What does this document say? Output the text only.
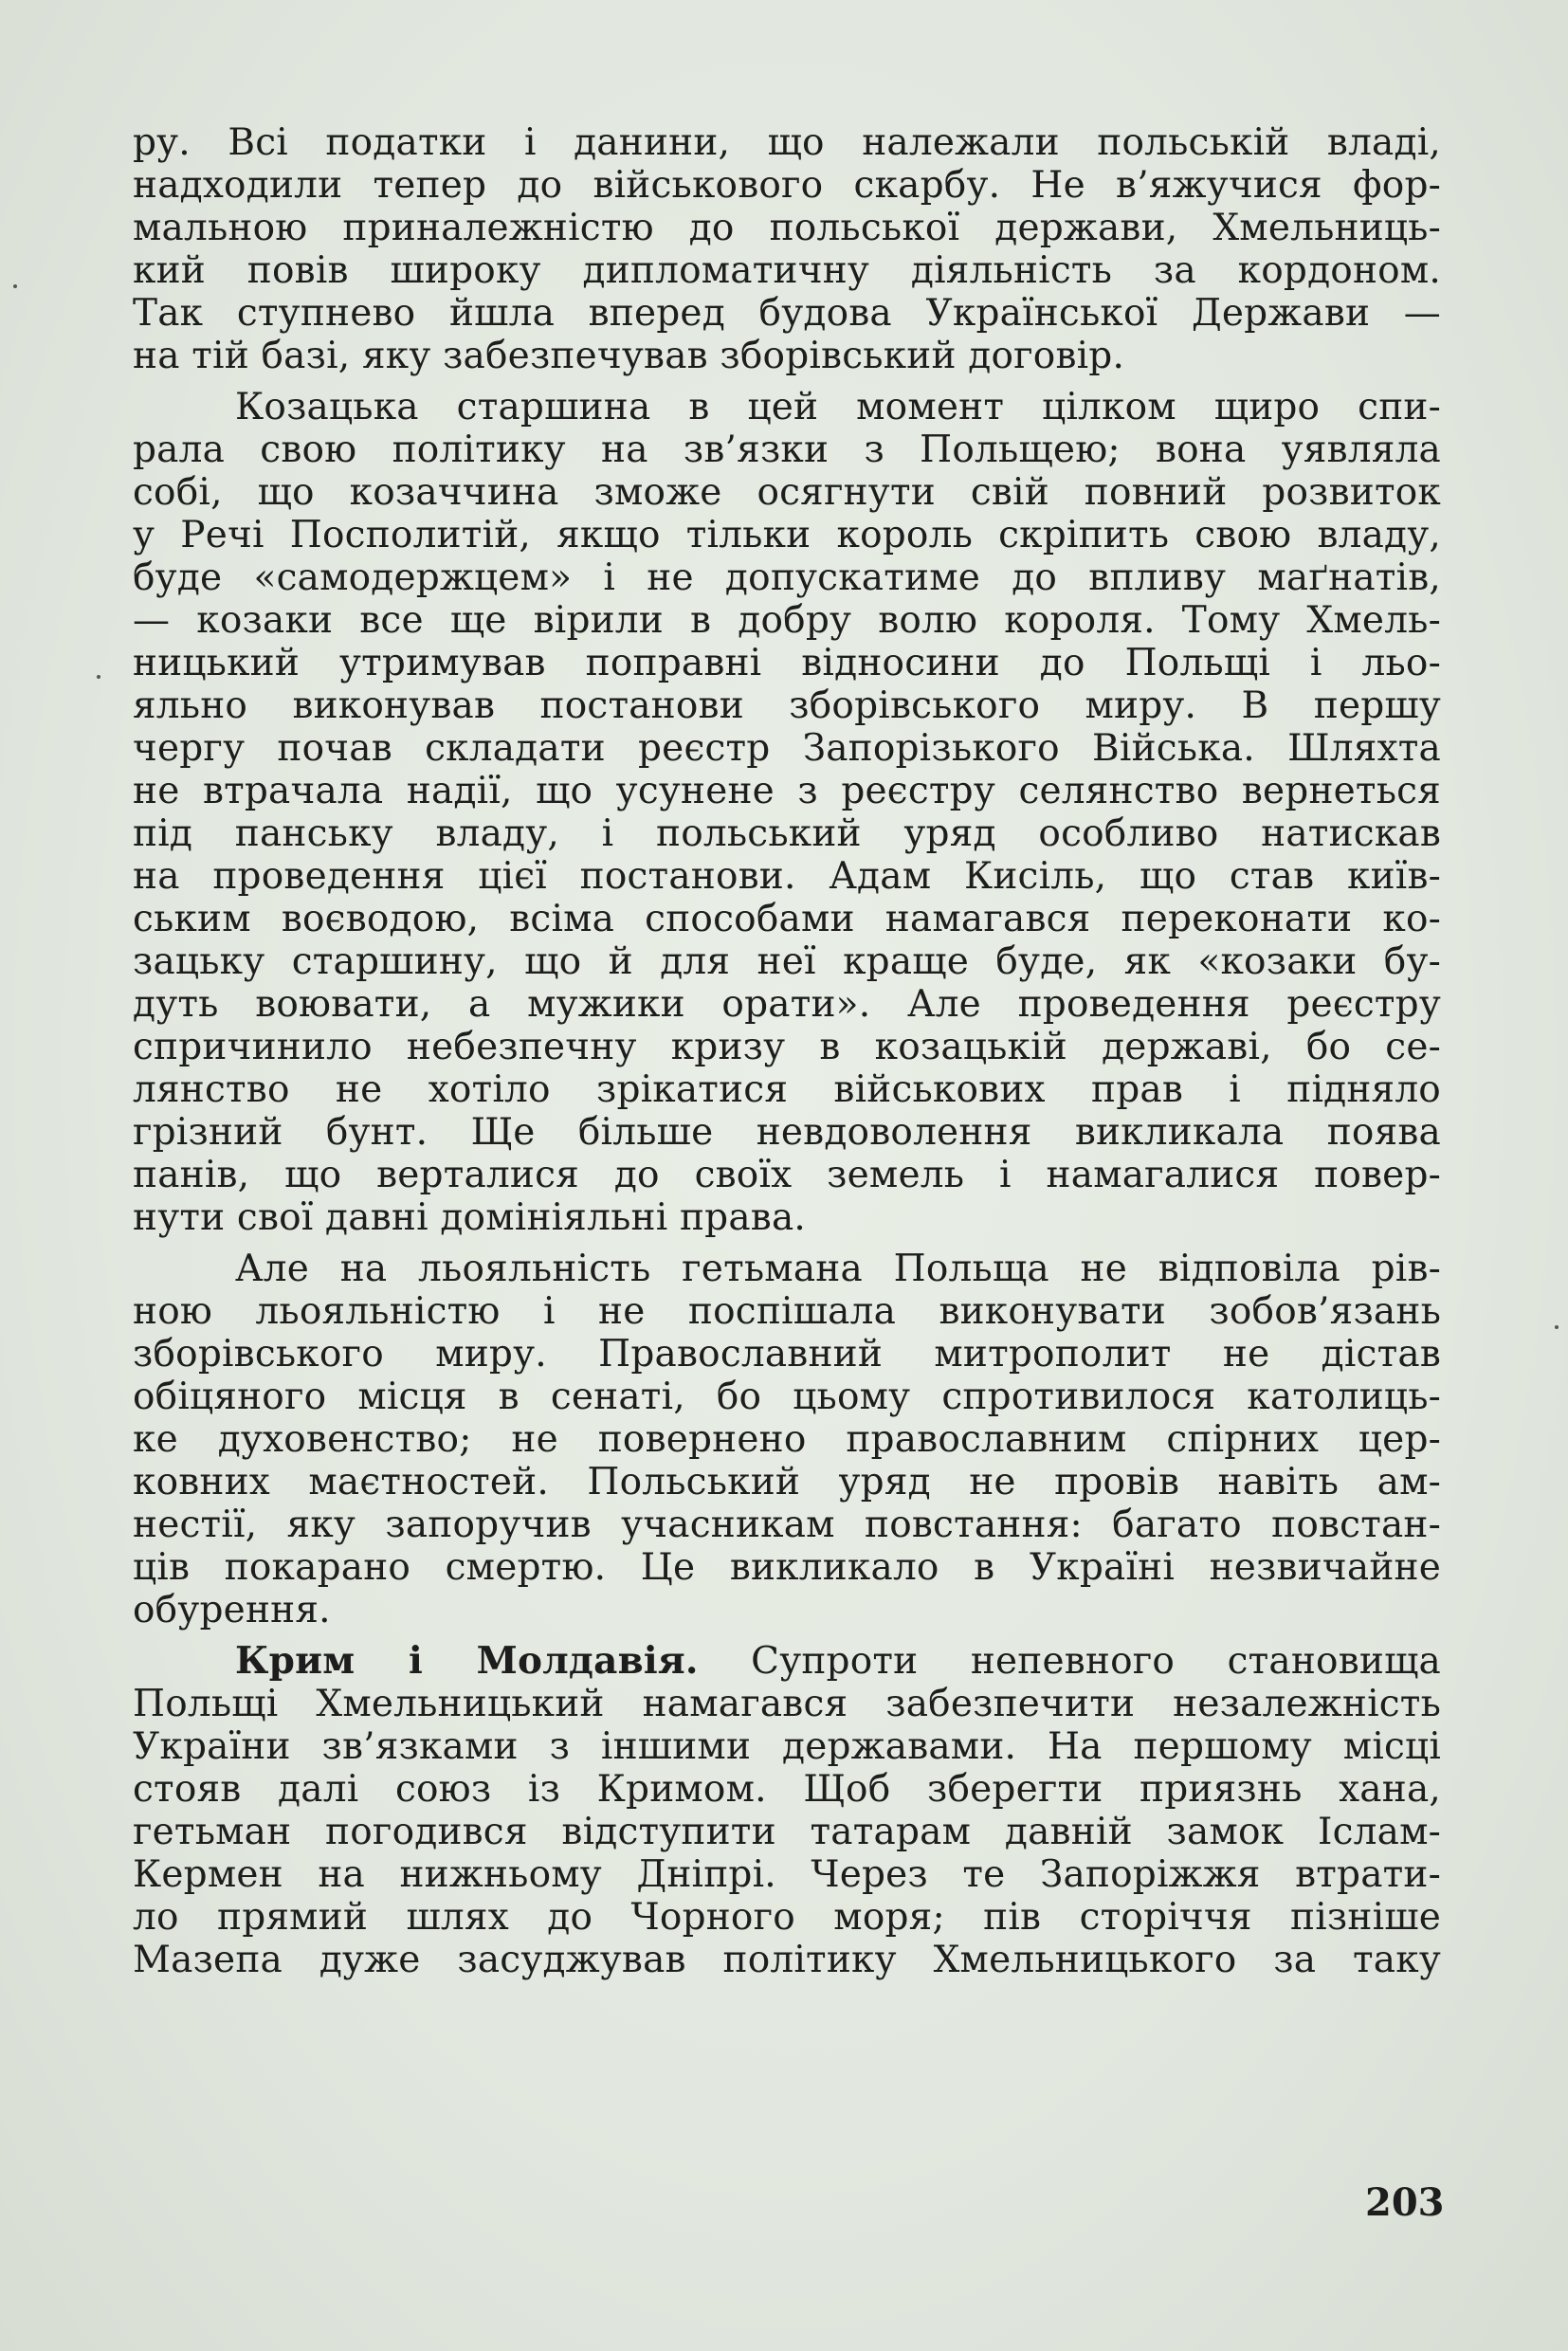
ру. Всі податки і данини, що належали польській владі,
надходили тепер до військового скарбу. Не в’яжучися фор-
мальною приналежністю до польської держави, Хмельниць-
кий повів широку дипломатичну діяльність за кордоном.
Так ступнево йшла вперед будова Української Держави —
на тій базі, яку забезпечував зборівський договір.
Козацька старшина в цей момент цілком щиро спи-
рала свою політику на зв’язки з Польщею; вона уявляла
собі, що козаччина зможе осягнути свій повний розвиток
у Речі Посполитій, якщо тільки король скріпить свою владу,
буде «самодержцем» і не допускатиме до впливу маґнатів,
— козаки все ще вірили в добру волю короля. Тому Хмель-
ницький утримував поправні відносини до Польщі і льо-
яльно виконував постанови зборівського миру. В першу
чергу почав складати реєстр Запорізького Війська. Шляхта
не втрачала надії, що усунене з реєстру селянство вернеться
під панську владу, і польський уряд особливо натискав
на проведення цієї постанови. Адам Кисіль, що став київ-
ським воєводою, всіма способами намагався переконати ко-
зацьку старшину, що й для неї краще буде, як «козаки бу-
дуть воювати, а мужики орати». Але проведення реєстру
спричинило небезпечну кризу в козацькій державі, бо се-
лянство не хотіло зрікатися військових прав і підняло
грізний бунт. Ще більше невдоволення викликала поява
панів, що верталися до своїх земель і намагалися повер-
нути свої давні домініяльні права.
Але на льояльність гетьмана Польща не відповіла рів-
ною льояльністю і не поспішала виконувати зобов’язань
зборівського миру. Православний митрополит не дістав
обіцяного місця в сенаті, бо цьому спротивилося католиць-
ке духовенство; не повернено православним спірних цер-
ковних маєтностей. Польський уряд не провів навіть ам-
нестії, яку запоручив учасникам повстання: багато повстан-
ців покарано смертю. Це викликало в Україні незвичайне
обурення.
Крим і Молдавія. Супроти непевного становища
Польщі Хмельницький намагався забезпечити незалежність
України зв’язками з іншими державами. На першому місці
стояв далі союз із Кримом. Щоб зберегти приязнь хана,
гетьман погодився відступити татарам давній замок Іслам-
Кермен на нижньому Дніпрі. Через те Запоріжжя втрати-
ло прямий шлях до Чорного моря; пів сторіччя пізніше
Мазепа дуже засуджував політику Хмельницького за таку
203
